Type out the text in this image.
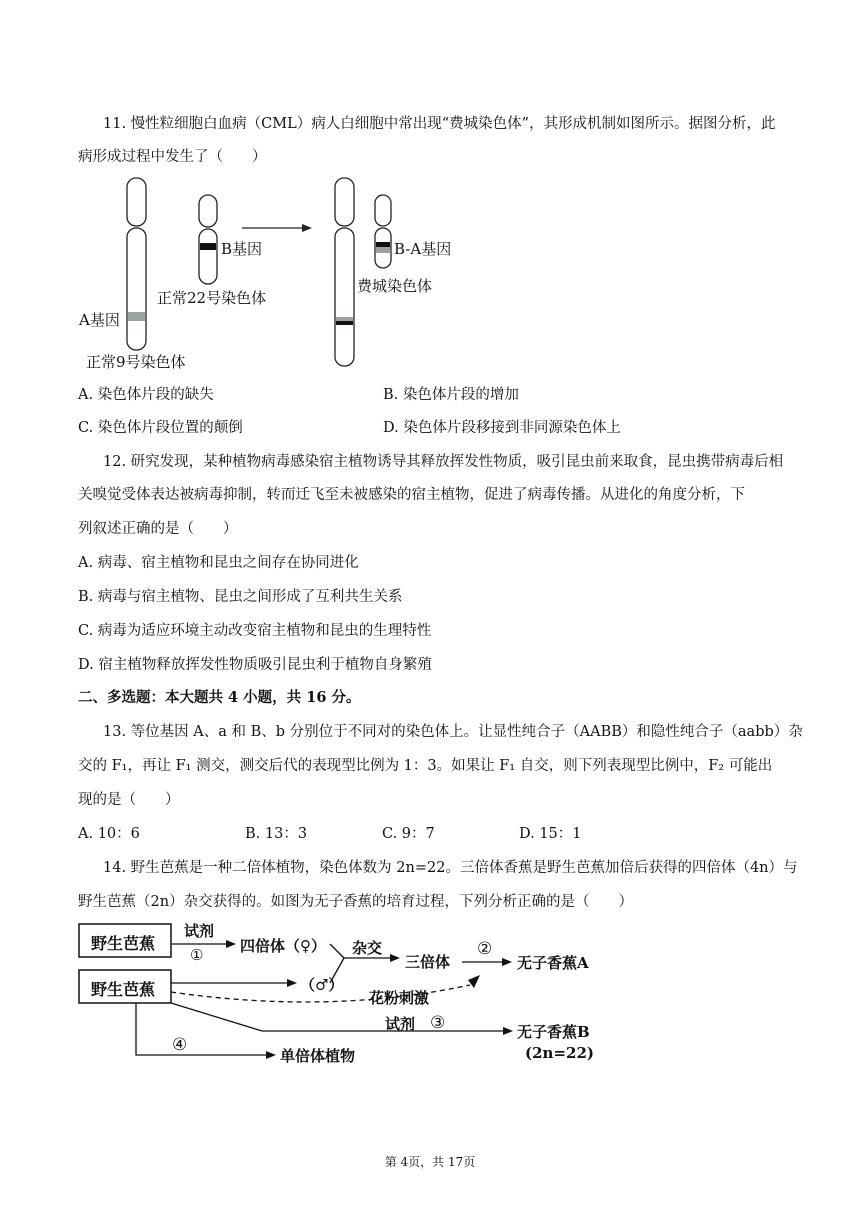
11. 慢性粒细胞白血病（CML）病人白细胞中常出现“费城染色体”，其形成机制如图所示。据图分析，此
病形成过程中发生了（　　）
B基因
正常22号染色体
A基因
正常9号染色体
B-A基因
费城染色体
A. 染色体片段的缺失	B. 染色体片段的增加
C. 染色体片段位置的颠倒	D. 染色体片段移接到非同源染色体上
12. 研究发现，某种植物病毒感染宿主植物诱导其释放挥发性物质，吸引昆虫前来取食，昆虫携带病毒后相
关嗅觉受体表达被病毒抑制，转而迁飞至未被感染的宿主植物，促进了病毒传播。从进化的角度分析，下
列叙述正确的是（　　）
A. 病毒、宿主植物和昆虫之间存在协同进化
B. 病毒与宿主植物、昆虫之间形成了互利共生关系
C. 病毒为适应环境主动改变宿主植物和昆虫的生理特性
D. 宿主植物释放挥发性物质吸引昆虫利于植物自身繁殖
二、多选题：本大题共 4 小题，共 16 分。
13. 等位基因 A、a 和 B、b 分别位于不同对的染色体上。让显性纯合子（AABB）和隐性纯合子（aabb）杂
交的 F₁，再让 F₁ 测交，测交后代的表现型比例为 1：3。如果让 F₁ 自交，则下列表现型比例中，F₂ 可能出
现的是（　　）
A. 10：6	B. 13：3	C. 9：7	D. 15：1
14. 野生芭蕉是一种二倍体植物，染色体数为 2n=22。三倍体香蕉是野生芭蕉加倍后获得的四倍体（4n）与
野生芭蕉（2n）杂交获得的。如图为无子香蕉的培育过程，下列分析正确的是（　　）
野生芭蕉
野生芭蕉
试剂
① 四倍体（♀）
（♂）
杂交
三倍体
②
无子香蕉A
花粉刺激
试剂 ③	无子香蕉B
(2n=22)
④
单倍体植物
第 4页，共 17页
